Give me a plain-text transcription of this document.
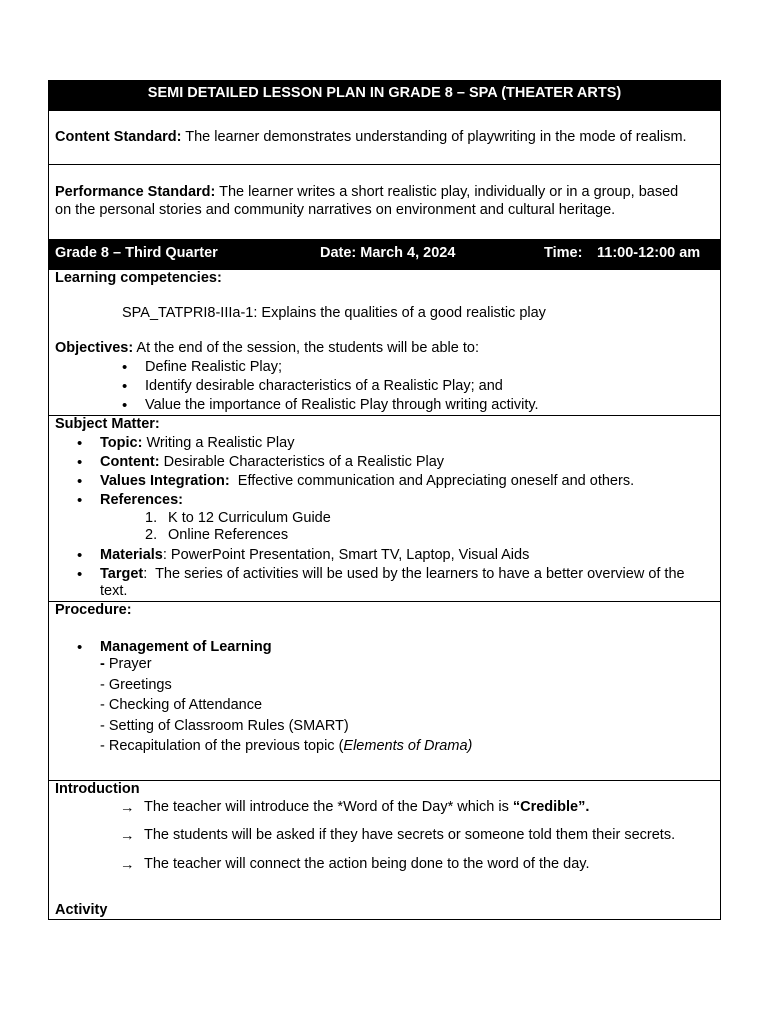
SEMI DETAILED LESSON PLAN IN GRADE 8 – SPA (THEATER ARTS)
Content Standard: The learner demonstrates understanding of playwriting in the mode of realism.
Performance Standard: The learner writes a short realistic play, individually or in a group, based
on the personal stories and community narratives on environment and cultural heritage.
Grade 8 – Third Quarter	Date: March 4, 2024	Time: 11:00-12:00 am
Learning competencies:
SPA_TATPRI8-IIIa-1: Explains the qualities of a good realistic play
Objectives: At the end of the session, the students will be able to:
• Define Realistic Play;
• Identify desirable characteristics of a Realistic Play; and
• Value the importance of Realistic Play through writing activity.
Subject Matter:
• Topic: Writing a Realistic Play
• Content: Desirable Characteristics of a Realistic Play
• Values Integration:  Effective communication and Appreciating oneself and others.
• References:
1. K to 12 Curriculum Guide
2. Online References
• Materials: PowerPoint Presentation, Smart TV, Laptop, Visual Aids
• Target:  The series of activities will be used by the learners to have a better overview of the
text.
Procedure:
• Management of Learning
- Prayer
- Greetings
- Checking of Attendance
- Setting of Classroom Rules (SMART)
- Recapitulation of the previous topic (Elements of Drama)
Introduction
→ The teacher will introduce the *Word of the Day* which is “Credible”.
→ The students will be asked if they have secrets or someone told them their secrets.
→ The teacher will connect the action being done to the word of the day.
Activity
